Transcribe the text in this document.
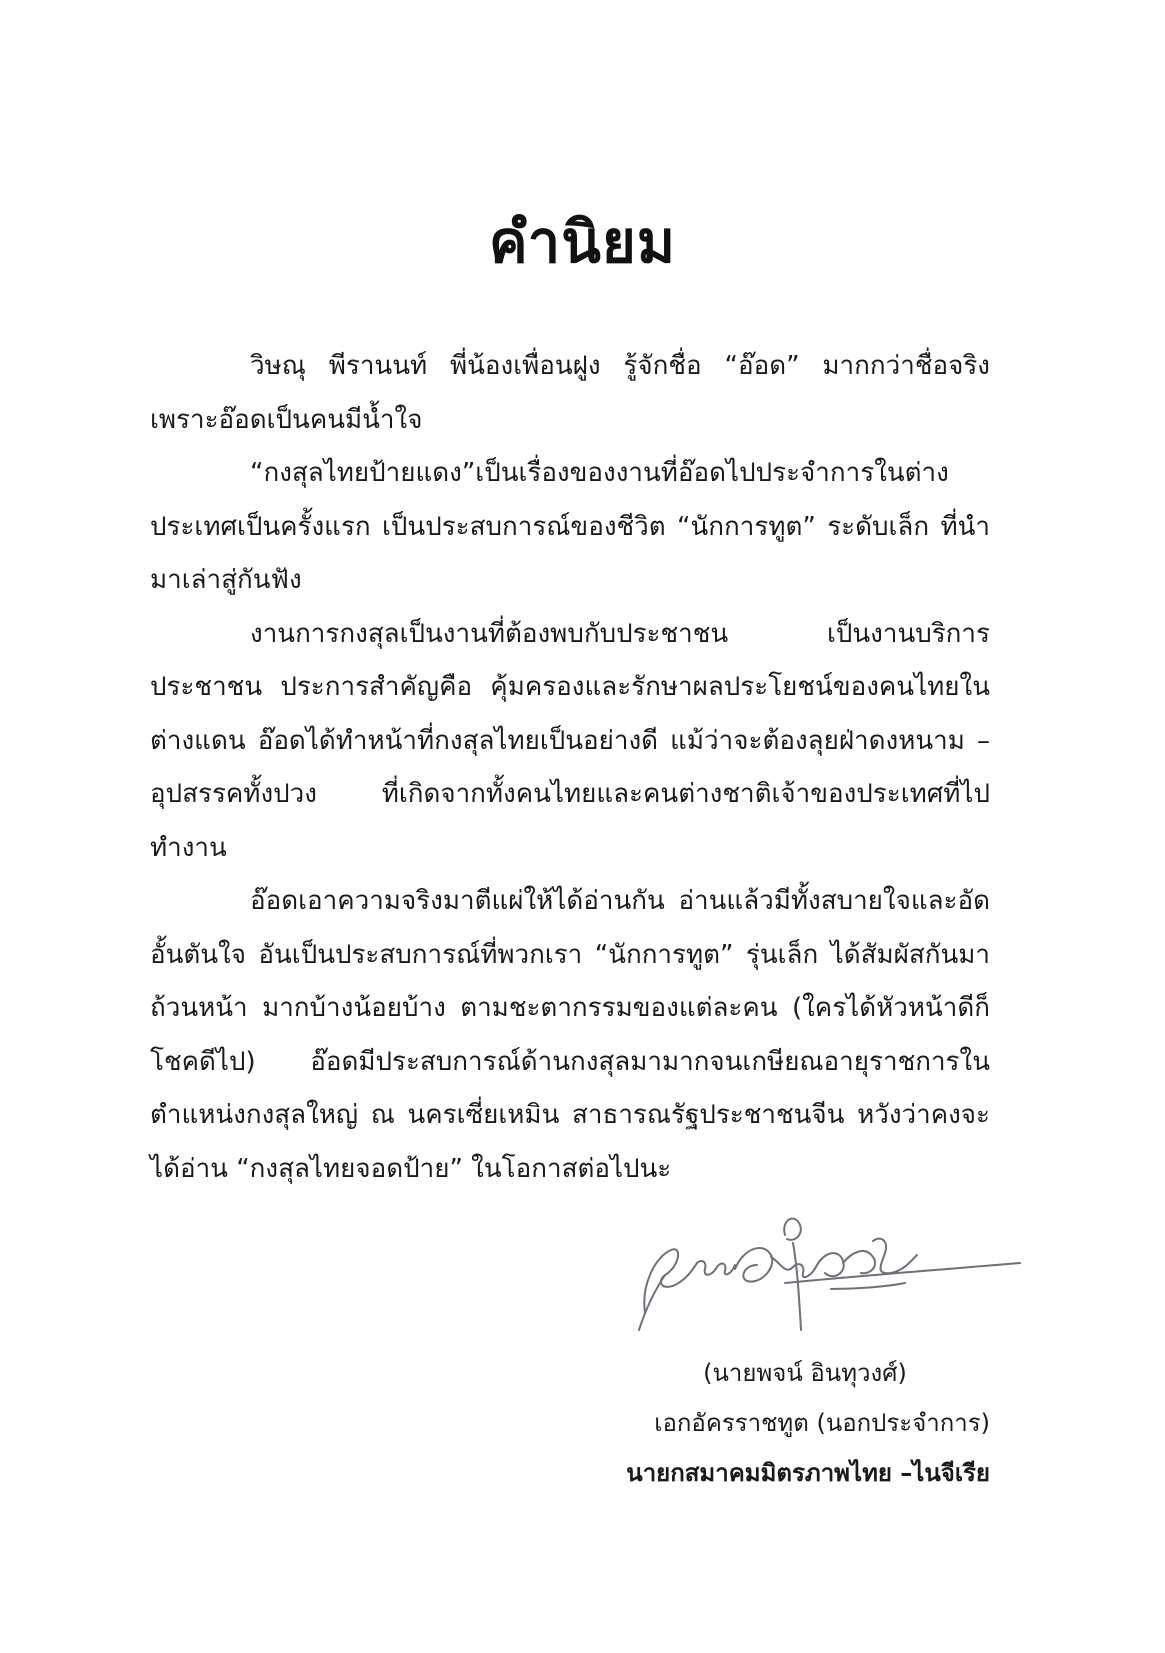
คำนิยม

วิษณุ พีรานนท์ พี่น้องเพื่อนฝูง รู้จักชื่อ “อ๊อด” มากกว่าชื่อจริง เพราะอ๊อดเป็นคนมีน้ำใจ

“กงสุลไทยป้ายแดง”เป็นเรื่องของงานที่อ๊อดไปประจำการในต่างประเทศเป็นครั้งแรก เป็นประสบการณ์ของชีวิต “นักการทูต” ระดับเล็ก ที่นำมาเล่าสู่กันฟัง

งานการกงสุลเป็นงานที่ต้องพบกับประชาชน เป็นงานบริการประชาชน ประการสำคัญคือ คุ้มครองและรักษาผลประโยชน์ของคนไทยในต่างแดน อ๊อดได้ทำหน้าที่กงสุลไทยเป็นอย่างดี แม้ว่าจะต้องลุยฝ่าดงหนาม – อุปสรรคทั้งปวง ที่เกิดจากทั้งคนไทยและคนต่างชาติเจ้าของประเทศที่ไปทำงาน

อ๊อดเอาความจริงมาตีแผ่ให้ได้อ่านกัน อ่านแล้วมีทั้งสบายใจและอัดอั้นตันใจ อันเป็นประสบการณ์ที่พวกเรา “นักการทูต” รุ่นเล็ก ได้สัมผัสกันมาถ้วนหน้า มากบ้างน้อยบ้าง ตามชะตากรรมของแต่ละคน (ใครได้หัวหน้าดีก็โชคดีไป) อ๊อดมีประสบการณ์ด้านกงสุลมามากจนเกษียณอายุราชการในตำแหน่งกงสุลใหญ่ ณ นครเซี่ยเหมิน สาธารณรัฐประชาชนจีน หวังว่าคงจะได้อ่าน “กงสุลไทยจอดป้าย” ในโอกาสต่อไปนะ

(นายพจน์ อินทุวงศ์)
เอกอัครราชทูต (นอกประจำการ)
นายกสมาคมมิตรภาพไทย –ไนจีเรีย
